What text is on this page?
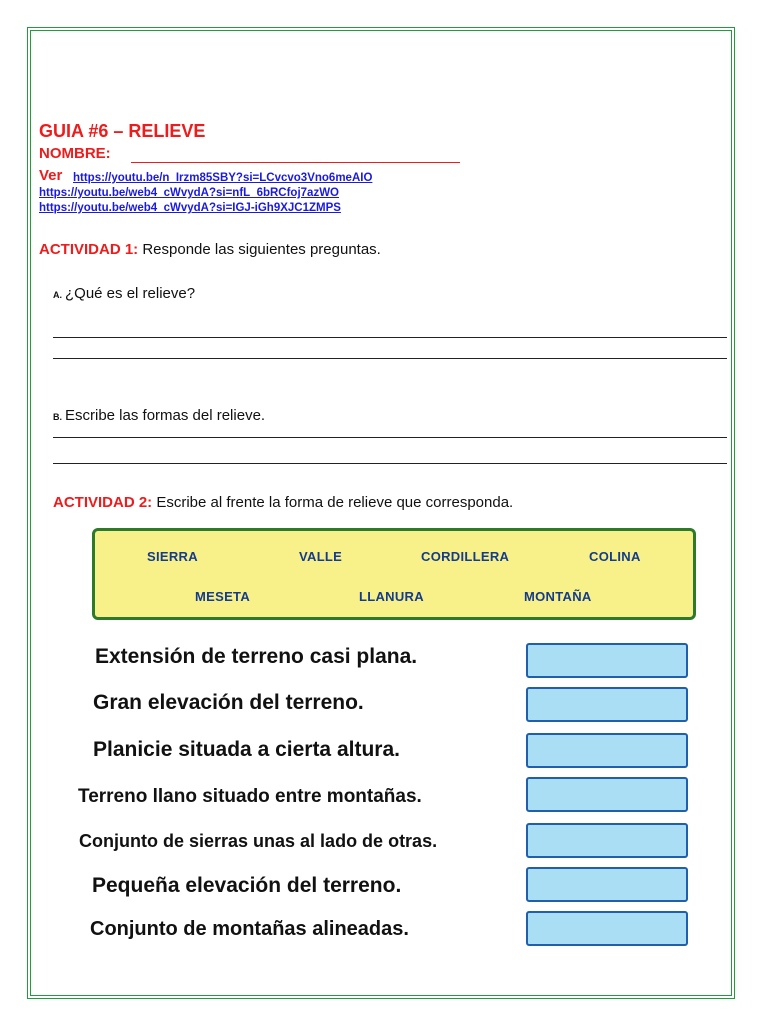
GUIA #6 – RELIEVE
NOMBRE:
Ver https://youtu.be/n_Irzm85SBY?si=LCvcvo3Vno6meAIO
https://youtu.be/web4_cWvydA?si=nfL_6bRCfoj7azWO
https://youtu.be/web4_cWvydA?si=IGJ-iGh9XJC1ZMPS
ACTIVIDAD 1: Responde las siguientes preguntas.
A. ¿Qué es el relieve?
B. Escribe las formas del relieve.
ACTIVIDAD 2: Escribe al frente la forma de relieve que corresponda.
SIERRA	VALLE	CORDILLERA	COLINA
MESETA	LLANURA	MONTAÑA
Extensión de terreno casi plana.
Gran elevación del terreno.
Planicie situada a cierta altura.
Terreno llano situado entre montañas.
Conjunto de sierras unas al lado de otras.
Pequeña elevación del terreno.
Conjunto de montañas alineadas.
